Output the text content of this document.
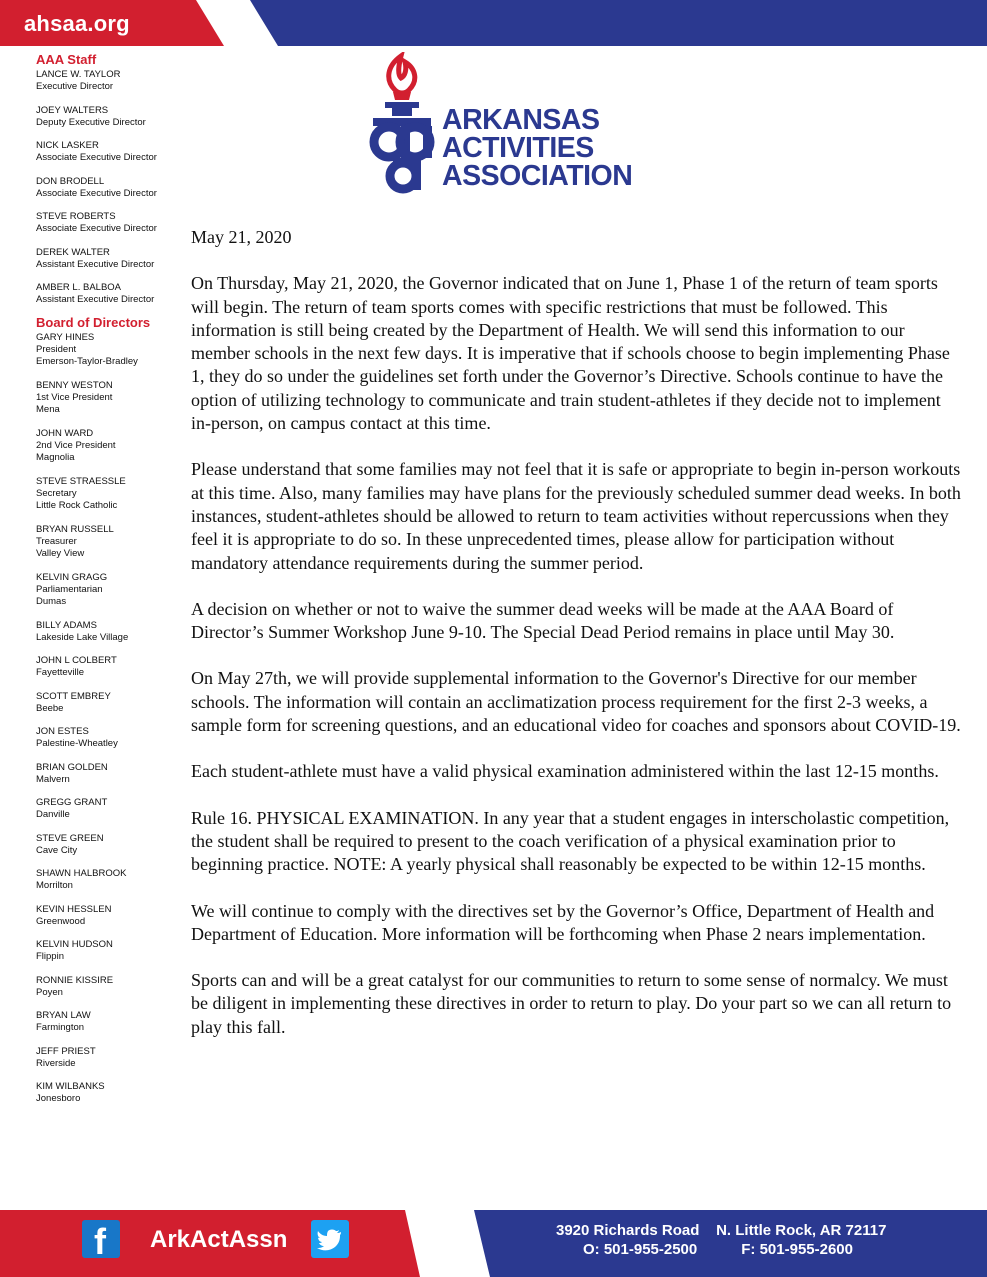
ahsaa.org
AAA Staff
LANCE W. TAYLOR
Executive Director
JOEY WALTERS
Deputy Executive Director
NICK LASKER
Associate Executive Director
DON BRODELL
Associate Executive Director
STEVE ROBERTS
Associate Executive Director
DEREK WALTER
Assistant Executive Director
AMBER L. BALBOA
Assistant Executive Director
Board of Directors
GARY HINES
President
Emerson-Taylor-Bradley
BENNY WESTON
1st Vice President
Mena
JOHN WARD
2nd Vice President
Magnolia
STEVE STRAESSLE
Secretary
Little Rock Catholic
BRYAN RUSSELL
Treasurer
Valley View
KELVIN GRAGG
Parliamentarian
Dumas
BILLY ADAMS
Lakeside Lake Village
JOHN L COLBERT
Fayetteville
SCOTT EMBREY
Beebe
JON ESTES
Palestine-Wheatley
BRIAN GOLDEN
Malvern
GREGG GRANT
Danville
STEVE GREEN
Cave City
SHAWN HALBROOK
Morrilton
KEVIN HESSLEN
Greenwood
KELVIN HUDSON
Flippin
RONNIE KISSIRE
Poyen
BRYAN LAW
Farmington
JEFF PRIEST
Riverside
KIM WILBANKS
Jonesboro
ARKANSAS
ACTIVITIES
ASSOCIATION

May 21, 2020

On Thursday, May 21, 2020, the Governor indicated that on June 1, Phase 1 of the return of team sports will begin. The return of team sports comes with specific restrictions that must be followed. This information is still being created by the Department of Health. We will send this information to our member schools in the next few days. It is imperative that if schools choose to begin implementing Phase 1, they do so under the guidelines set forth under the Governor’s Directive. Schools continue to have the option of utilizing technology to communicate and train student-athletes if they decide not to implement in-person, on campus contact at this time.

Please understand that some families may not feel that it is safe or appropriate to begin in-person workouts at this time. Also, many families may have plans for the previously scheduled summer dead weeks. In both instances, student-athletes should be allowed to return to team activities without repercussions when they feel it is appropriate to do so. In these unprecedented times, please allow for participation without mandatory attendance requirements during the summer period.

A decision on whether or not to waive the summer dead weeks will be made at the AAA Board of Director’s Summer Workshop June 9-10. The Special Dead Period remains in place until May 30.

On May 27th, we will provide supplemental information to the Governor's Directive for our member schools. The information will contain an acclimatization process requirement for the first 2-3 weeks, a sample form for screening questions, and an educational video for coaches and sponsors about COVID-19.

Each student-athlete must have a valid physical examination administered within the last 12-15 months.

Rule 16. PHYSICAL EXAMINATION. In any year that a student engages in interscholastic competition, the student shall be required to present to the coach verification of a physical examination prior to beginning practice. NOTE: A yearly physical shall reasonably be expected to be within 12-15 months.

We will continue to comply with the directives set by the Governor’s Office, Department of Health and Department of Education. More information will be forthcoming when Phase 2 nears implementation.

Sports can and will be a great catalyst for our communities to return to some sense of normalcy. We must be diligent in implementing these directives in order to return to play. Do your part so we can all return to play this fall.

f ArkActAssn	3920 Richards Road N. Little Rock, AR 72117
O: 501-955-2500	F: 501-955-2600
